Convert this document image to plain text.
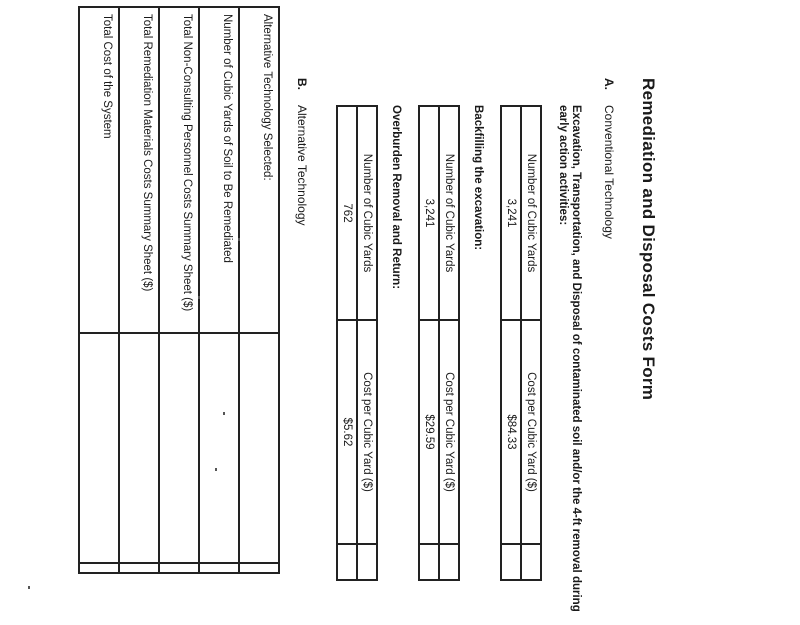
Remediation and Disposal Costs Form
A.
Conventional Technology
Excavation, Transportation, and Disposal of contaminated soil and/or the 4-ft removal during early action activities:
Number of Cubic Yards	Cost per Cubic Yard ($)	
3,241	$84.33	
Backfilling the excavation:
Number of Cubic Yards	Cost per Cubic Yard ($)	
3,241	$29.59	
Overburden Removal and Return:
Number of Cubic Yards	Cost per Cubic Yard ($)	
762	$5.62	
B.
Alternative Technology
Alternative Technology Selected:		
Number of Cubic Yards of Soil to Be Remediated		
Total Non-Consulting Personnel Costs Summary Sheet ($)		
Total Remediation Materials Costs Summary Sheet ($)		
Total Cost of the System		
